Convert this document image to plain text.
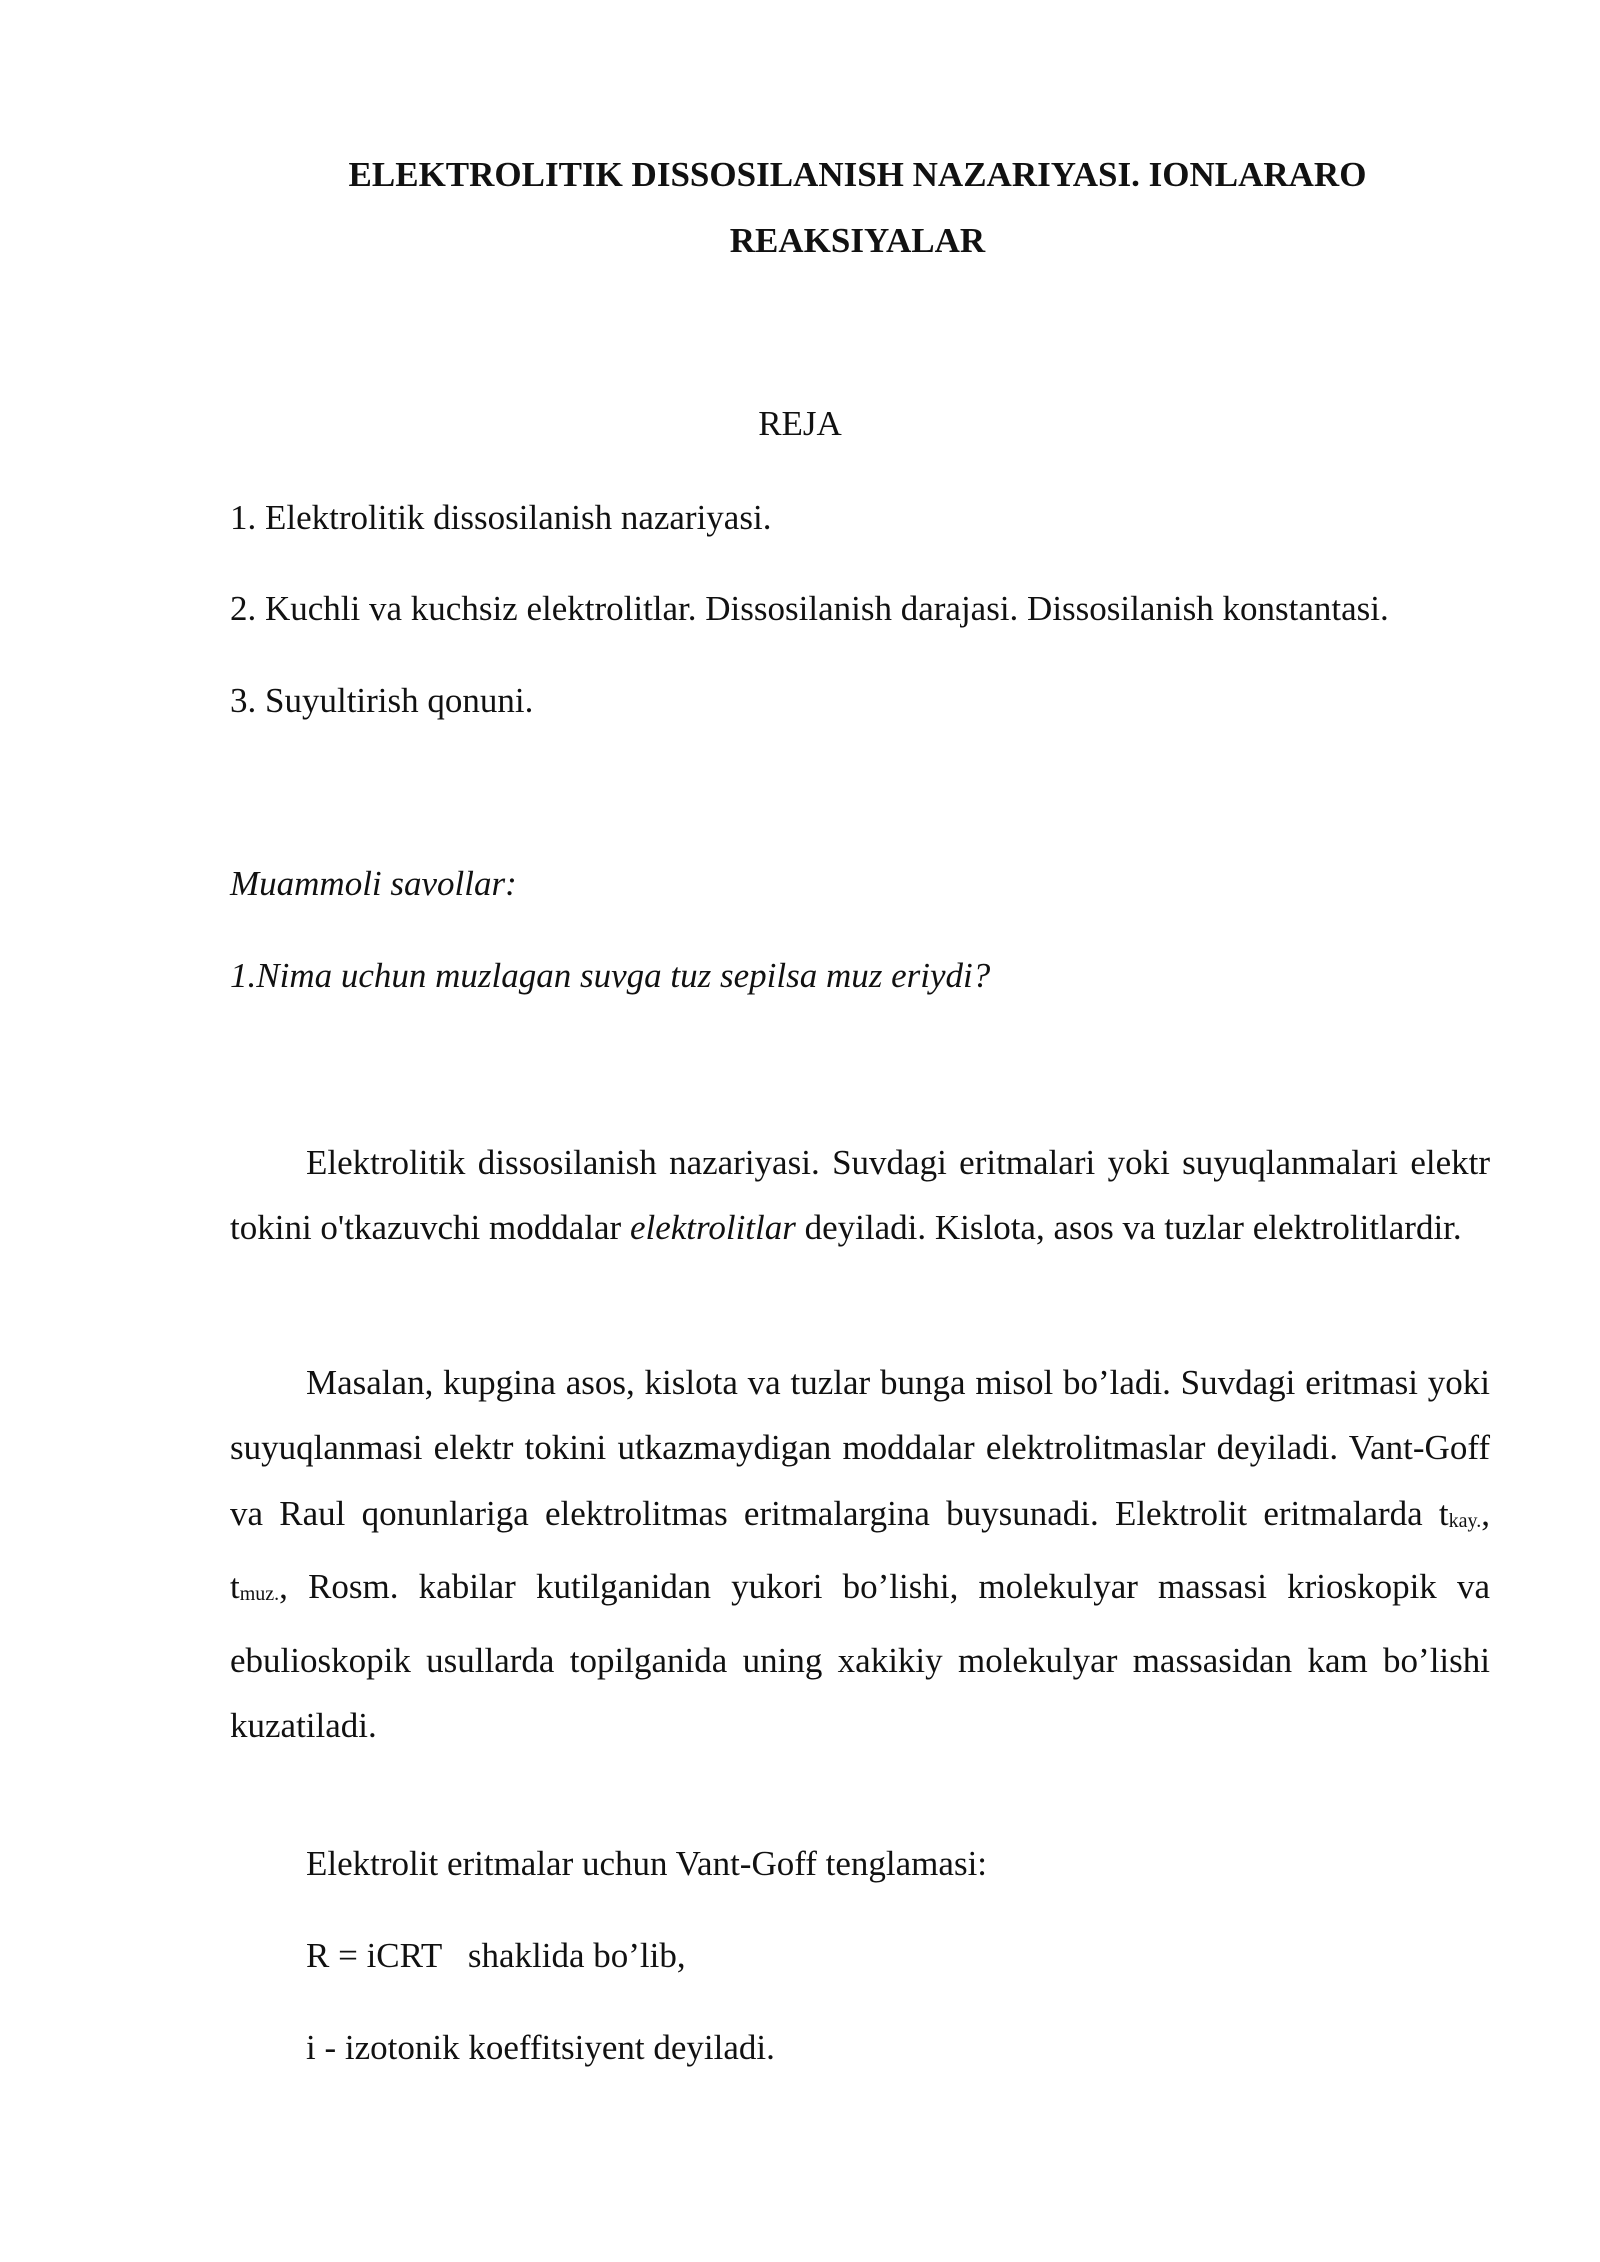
ELEKTROLITIK DISSOSILANISH NAZARIYASI. IONLARARO REAKSIYALAR
REJA

1. Elektrolitik dissosilanish nazariyasi.

2. Kuchli va kuchsiz elektrolitlar. Dissosilanish darajasi. Dissosilanish konstantasi.

3. Suyultirish qonuni.

Muammoli savollar:

1.Nima uchun muzlagan suvga tuz sepilsa muz eriydi?

Elektrolitik dissosilanish nazariyasi. Suvdagi eritmalari yoki suyuqlanmalari elektr tokini o'tkazuvchi moddalar elektrolitlar deyiladi. Kislota, asos va tuzlar elektrolitlardir.

Masalan, kupgina asos, kislota va tuzlar bunga misol bo’ladi. Suvdagi eritmasi yoki suyuqlanmasi elektr tokini utkazmaydigan moddalar elektrolitmaslar deyiladi. Vant-Goff va Raul qonunlariga elektrolitmas eritmalargina buysunadi. Elektrolit eritmalarda $t_{kay.}$, $t_{muz.}$, Rosm. kabilar kutilganidan yukori bo’lishi, molekulyar massasi krioskopik va ebulioskopik usullarda topilganida uning xakikiy molekulyar massasidan kam bo’lishi kuzatiladi.

Elektrolit eritmalar uchun Vant-Goff tenglamasi:

R = iCRT   shaklida bo’lib,

i - izotonik koeffitsiyent deyiladi.
